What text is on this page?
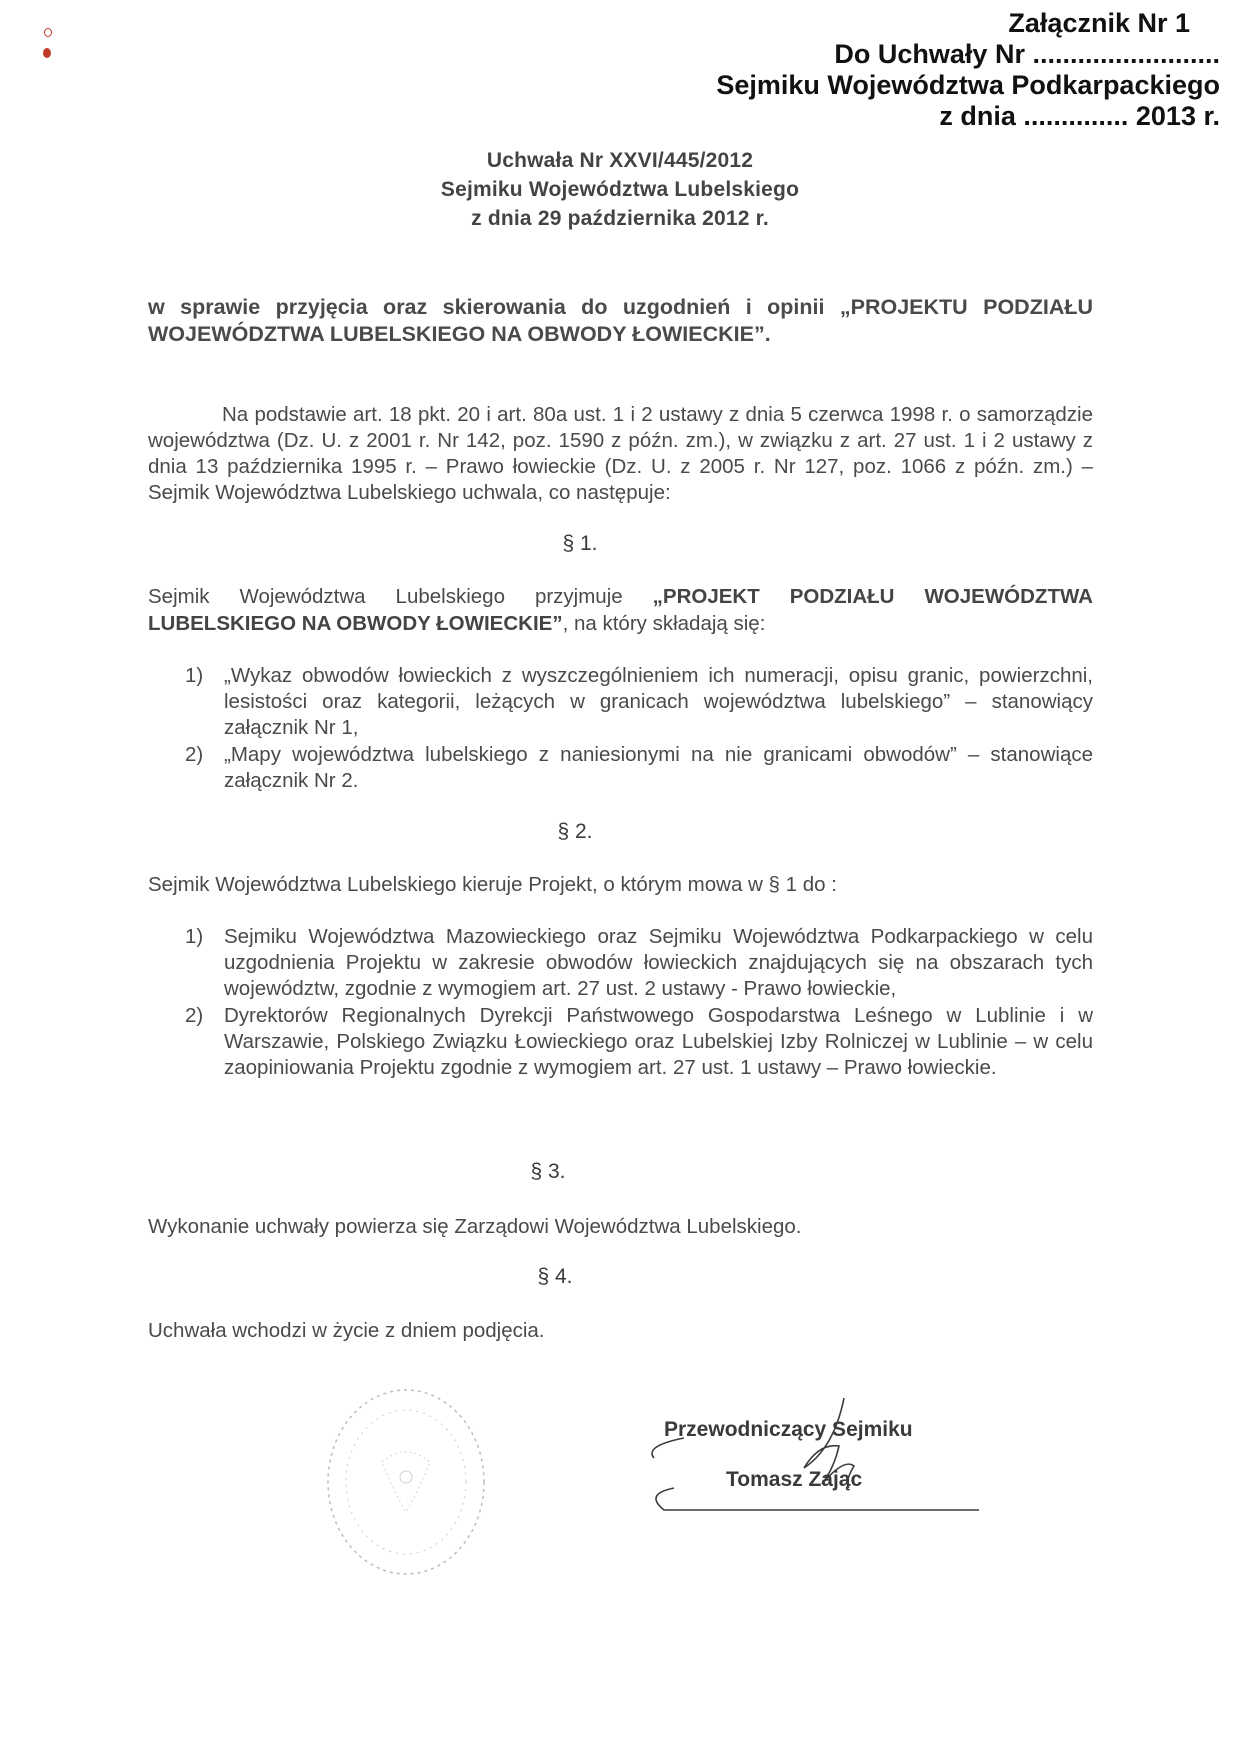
Załącznik Nr 1
Do Uchwały Nr .........................
Sejmiku Województwa Podkarpackiego
z dnia .............. 2013 r.
Uchwała Nr XXVI/445/2012
Sejmiku Województwa Lubelskiego
z dnia 29 października 2012 r.
w sprawie przyjęcia oraz skierowania do uzgodnień i opinii „PROJEKTU PODZIAŁU WOJEWÓDZTWA LUBELSKIEGO NA OBWODY ŁOWIECKIE”.
Na podstawie art. 18 pkt. 20 i art. 80a ust. 1 i 2 ustawy z dnia 5 czerwca 1998 r. o samorządzie województwa (Dz. U. z 2001 r. Nr 142, poz. 1590 z późn. zm.), w związku z art. 27 ust. 1 i 2 ustawy z dnia 13 października 1995 r. – Prawo łowieckie (Dz. U. z 2005 r. Nr 127, poz. 1066 z późn. zm.) – Sejmik Województwa Lubelskiego uchwala, co następuje:
§ 1.
Sejmik Województwa Lubelskiego przyjmuje „PROJEKT PODZIAŁU WOJEWÓDZTWA LUBELSKIEGO NA OBWODY ŁOWIECKIE”, na który składają się:
1) „Wykaz obwodów łowieckich z wyszczególnieniem ich numeracji, opisu granic, powierzchni, lesistości oraz kategorii, leżących w granicach województwa lubelskiego” – stanowiący załącznik Nr 1,
2) „Mapy województwa lubelskiego z naniesionymi na nie granicami obwodów” – stanowiące załącznik Nr 2.
§ 2.
Sejmik Województwa Lubelskiego kieruje Projekt, o którym mowa w § 1 do :
1) Sejmiku Województwa Mazowieckiego oraz Sejmiku Województwa Podkarpackiego w celu uzgodnienia Projektu w zakresie obwodów łowieckich znajdujących się na obszarach tych województw, zgodnie z wymogiem art. 27 ust. 2 ustawy - Prawo łowieckie,
2) Dyrektorów Regionalnych Dyrekcji Państwowego Gospodarstwa Leśnego w Lublinie i w Warszawie, Polskiego Związku Łowieckiego oraz Lubelskiej Izby Rolniczej w Lublinie – w celu zaopiniowania Projektu zgodnie z wymogiem art. 27 ust. 1 ustawy – Prawo łowieckie.
§ 3.
Wykonanie uchwały powierza się Zarządowi Województwa Lubelskiego.
§ 4.
Uchwała wchodzi w życie z dniem podjęcia.
Przewodniczący Sejmiku
Tomasz Zając
